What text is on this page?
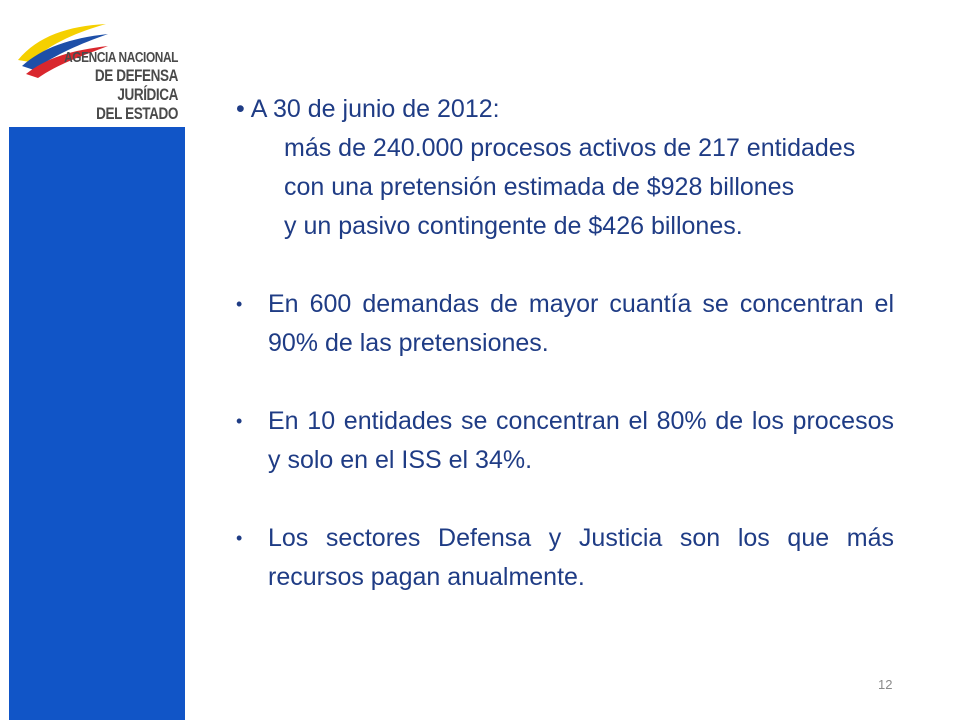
AGENCIA NACIONAL
DE DEFENSA JURÍDICA
DEL ESTADO • A 30 de junio de 2012:

más de 240.000 procesos activos de 217 entidades

con una pretensión estimada de $928 billones

y un pasivo contingente de $426 billones.

• En 600 demandas de mayor cuantía se concentran el 90% de las pretensiones.
• En 10 entidades se concentran el 80% de los procesos y solo en el ISS el 34%.
• Los sectores Defensa y Justicia son los que más recursos pagan anualmente.
12
